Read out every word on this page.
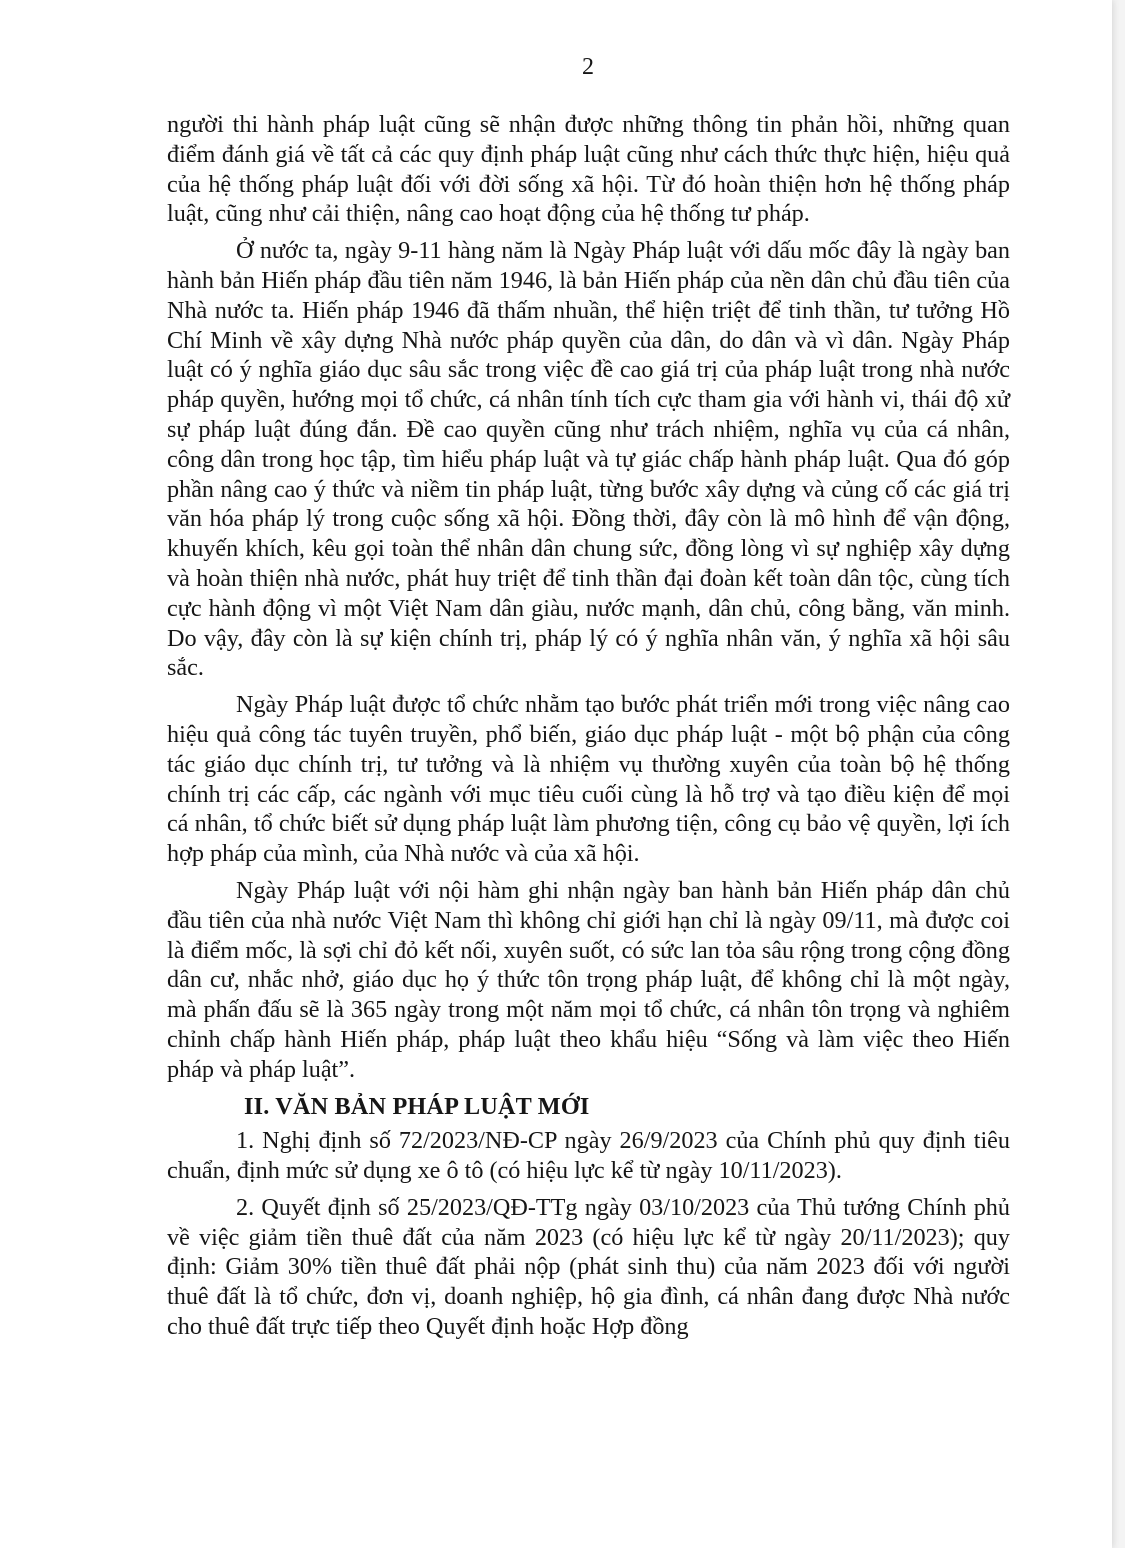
2

người thi hành pháp luật cũng sẽ nhận được những thông tin phản hồi, những quan điểm đánh giá về tất cả các quy định pháp luật cũng như cách thức thực hiện, hiệu quả của hệ thống pháp luật đối với đời sống xã hội. Từ đó hoàn thiện hơn hệ thống pháp luật, cũng như cải thiện, nâng cao hoạt động của hệ thống tư pháp.

Ở nước ta, ngày 9-11 hàng năm là Ngày Pháp luật với dấu mốc đây là ngày ban hành bản Hiến pháp đầu tiên năm 1946, là bản Hiến pháp của nền dân chủ đầu tiên của Nhà nước ta. Hiến pháp 1946 đã thấm nhuần, thể hiện triệt để tinh thần, tư tưởng Hồ Chí Minh về xây dựng Nhà nước pháp quyền của dân, do dân và vì dân. Ngày Pháp luật có ý nghĩa giáo dục sâu sắc trong việc đề cao giá trị của pháp luật trong nhà nước pháp quyền, hướng mọi tổ chức, cá nhân tính tích cực tham gia với hành vi, thái độ xử sự pháp luật đúng đắn. Đề cao quyền cũng như trách nhiệm, nghĩa vụ của cá nhân, công dân trong học tập, tìm hiểu pháp luật và tự giác chấp hành pháp luật. Qua đó góp phần nâng cao ý thức và niềm tin pháp luật, từng bước xây dựng và củng cố các giá trị văn hóa pháp lý trong cuộc sống xã hội. Đồng thời, đây còn là mô hình để vận động, khuyến khích, kêu gọi toàn thể nhân dân chung sức, đồng lòng vì sự nghiệp xây dựng và hoàn thiện nhà nước, phát huy triệt để tinh thần đại đoàn kết toàn dân tộc, cùng tích cực hành động vì một Việt Nam dân giàu, nước mạnh, dân chủ, công bằng, văn minh. Do vậy, đây còn là sự kiện chính trị, pháp lý có ý nghĩa nhân văn, ý nghĩa xã hội sâu sắc.

Ngày Pháp luật được tổ chức nhằm tạo bước phát triển mới trong việc nâng cao hiệu quả công tác tuyên truyền, phổ biến, giáo dục pháp luật - một bộ phận của công tác giáo dục chính trị, tư tưởng và là nhiệm vụ thường xuyên của toàn bộ hệ thống chính trị các cấp, các ngành với mục tiêu cuối cùng là hỗ trợ và tạo điều kiện để mọi cá nhân, tổ chức biết sử dụng pháp luật làm phương tiện, công cụ bảo vệ quyền, lợi ích hợp pháp của mình, của Nhà nước và của xã hội.

Ngày Pháp luật với nội hàm ghi nhận ngày ban hành bản Hiến pháp dân chủ đầu tiên của nhà nước Việt Nam thì không chỉ giới hạn chỉ là ngày 09/11, mà được coi là điểm mốc, là sợi chỉ đỏ kết nối, xuyên suốt, có sức lan tỏa sâu rộng trong cộng đồng dân cư, nhắc nhở, giáo dục họ ý thức tôn trọng pháp luật, để không chỉ là một ngày, mà phấn đấu sẽ là 365 ngày trong một năm mọi tổ chức, cá nhân tôn trọng và nghiêm chỉnh chấp hành Hiến pháp, pháp luật theo khẩu hiệu “Sống và làm việc theo Hiến pháp và pháp luật”.

II. VĂN BẢN PHÁP LUẬT MỚI

1. Nghị định số 72/2023/NĐ-CP ngày 26/9/2023 của Chính phủ quy định tiêu chuẩn, định mức sử dụng xe ô tô (có hiệu lực kể từ ngày 10/11/2023).

2. Quyết định số 25/2023/QĐ-TTg ngày 03/10/2023 của Thủ tướng Chính phủ về việc giảm tiền thuê đất của năm 2023 (có hiệu lực kể từ ngày 20/11/2023); quy định: Giảm 30% tiền thuê đất phải nộp (phát sinh thu) của năm 2023 đối với người thuê đất là tổ chức, đơn vị, doanh nghiệp, hộ gia đình, cá nhân đang được Nhà nước cho thuê đất trực tiếp theo Quyết định hoặc Hợp đồng
